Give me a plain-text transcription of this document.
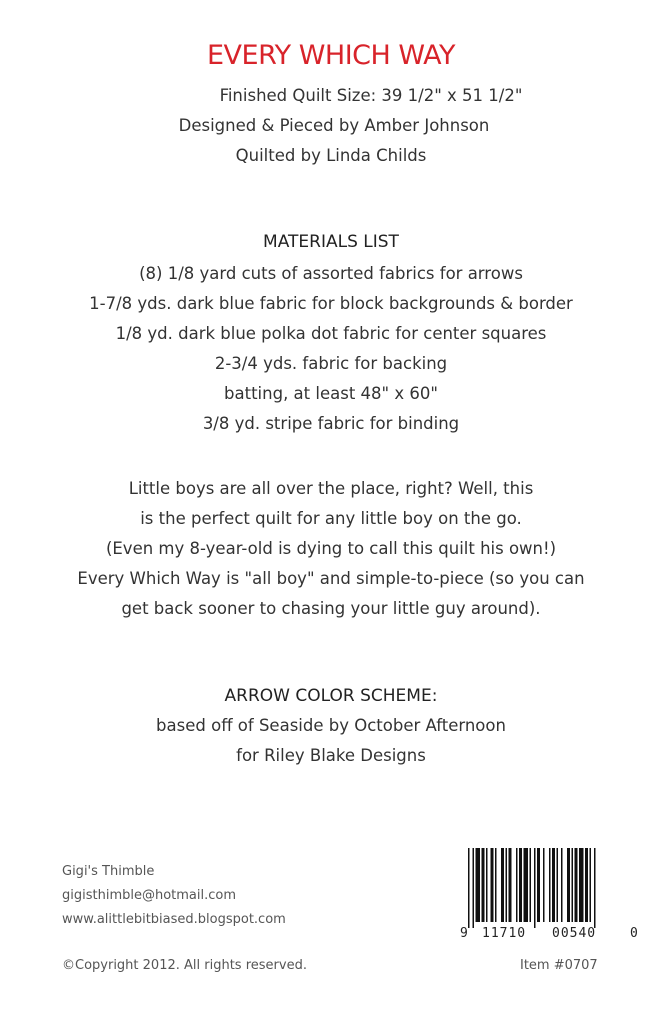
EVERY WHICH WAY
Finished Quilt Size: 39 1/2" x 51 1/2"
Designed & Pieced by Amber Johnson
Quilted by Linda Childs
MATERIALS LIST
(8) 1/8 yard cuts of assorted fabrics for arrows
1-7/8 yds. dark blue fabric for block backgrounds & border
1/8 yd. dark blue polka dot fabric for center squares
2-3/4 yds. fabric for backing
batting, at least 48" x 60"
3/8 yd. stripe fabric for binding
Little boys are all over the place, right? Well, this
is the perfect quilt for any little boy on the go.
(Even my 8-year-old is dying to call this quilt his own!)
Every Which Way is "all boy" and simple-to-piece (so you can
get back sooner to chasing your little guy around).
ARROW COLOR SCHEME:
based off of Seaside by October Afternoon
for Riley Blake Designs
Gigi's Thimble
gigisthimble@hotmail.com
www.alittlebitbiased.blogspot.com
©Copyright 2012. All rights reserved.
9 11710 00540	0
Item #0707
